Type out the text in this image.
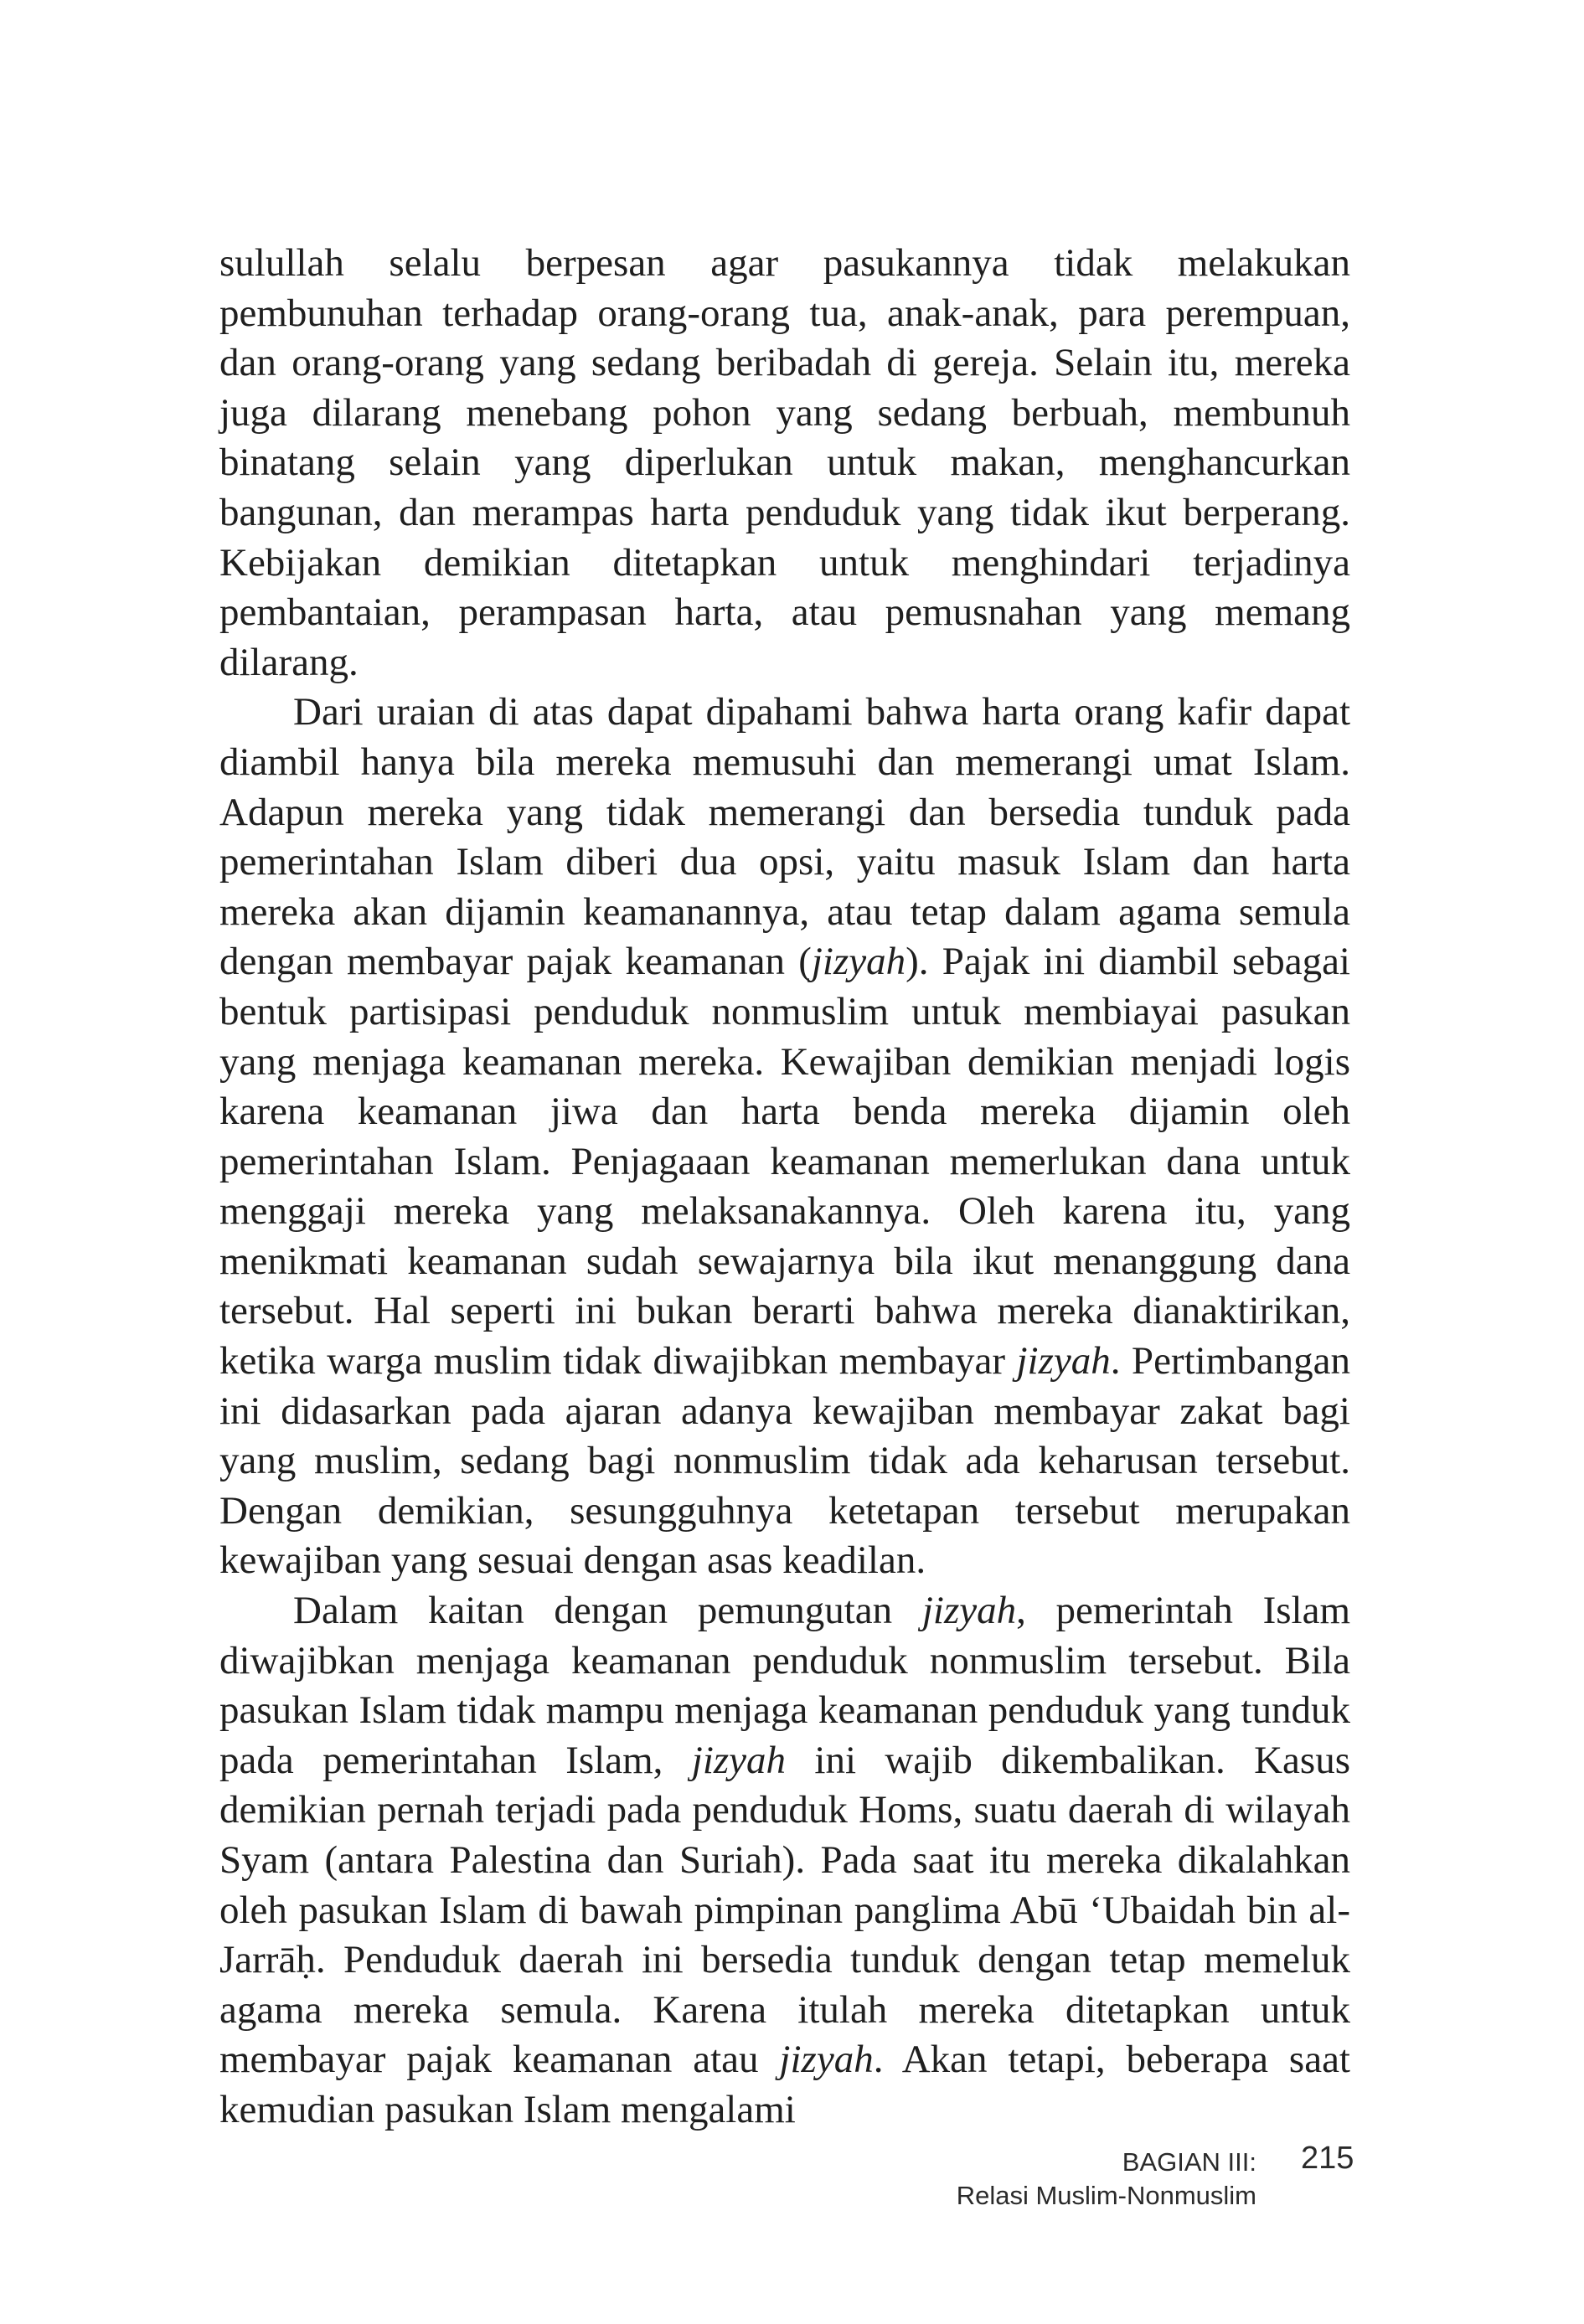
sulullah selalu berpesan agar pasukannya tidak melakukan pembunuhan terhadap orang-orang tua, anak-anak, para perempuan, dan orang-orang yang sedang beribadah di gereja. Selain itu, mereka juga dilarang menebang pohon yang sedang berbuah, membunuh binatang selain yang diperlukan untuk makan, menghancurkan bangunan, dan merampas harta penduduk yang tidak ikut berperang. Kebijakan demikian ditetapkan untuk menghindari terjadinya pembantaian, perampasan harta, atau pemusnahan yang memang dilarang.

Dari uraian di atas dapat dipahami bahwa harta orang kafir dapat diambil hanya bila mereka memusuhi dan memerangi umat Islam. Adapun mereka yang tidak memerangi dan bersedia tunduk pada pemerintahan Islam diberi dua opsi, yaitu masuk Islam dan harta mereka akan dijamin keamanannya, atau tetap dalam agama semula dengan membayar pajak keamanan (jizyah). Pajak ini diambil sebagai bentuk partisipasi penduduk nonmuslim untuk membiayai pasukan yang menjaga keamanan mereka. Kewajiban demikian menjadi logis karena keamanan jiwa dan harta benda mereka dijamin oleh pemerintahan Islam. Penjagaaan keamanan memerlukan dana untuk menggaji mereka yang melaksanakannya. Oleh karena itu, yang menikmati keamanan sudah sewajarnya bila ikut menanggung dana tersebut. Hal seperti ini bukan berarti bahwa mereka dianaktirikan, ketika warga muslim tidak diwajibkan membayar jizyah. Pertimbangan ini didasarkan pada ajaran adanya kewajiban membayar zakat bagi yang muslim, sedang bagi nonmuslim tidak ada keharusan tersebut. Dengan demikian, sesungguhnya ketetapan tersebut merupakan kewajiban yang sesuai dengan asas keadilan.

Dalam kaitan dengan pemungutan jizyah, pemerintah Islam diwajibkan menjaga keamanan penduduk nonmuslim tersebut. Bila pasukan Islam tidak mampu menjaga keamanan penduduk yang tunduk pada pemerintahan Islam, jizyah ini wajib dikembalikan. Kasus demikian pernah terjadi pada penduduk Homs, suatu daerah di wilayah Syam (antara Palestina dan Suriah). Pada saat itu mereka dikalahkan oleh pasukan Islam di bawah pimpinan panglima Abū ‘Ubaidah bin al-Jarrāḥ. Penduduk daerah ini bersedia tunduk dengan tetap memeluk agama mereka semula. Karena itulah mereka ditetapkan untuk membayar pajak keamanan atau jizyah. Akan tetapi, beberapa saat kemudian pasukan Islam mengalami

BAGIAN III:
Relasi Muslim-Nonmuslim
215
